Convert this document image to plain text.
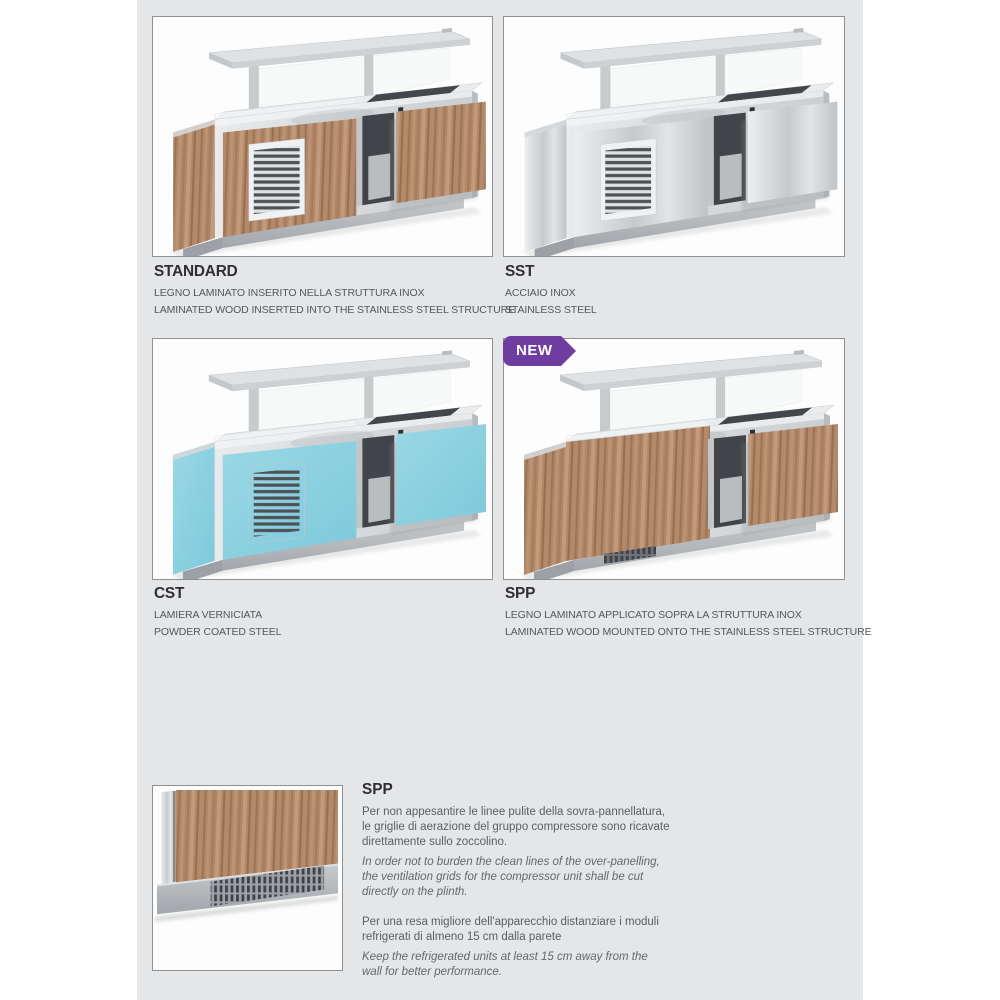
STANDARD
LEGNO LAMINATO INSERITO NELLA STRUTTURA INOX
LAMINATED WOOD INSERTED INTO THE STAINLESS STEEL STRUCTURE
SST
ACCIAIO INOX
STAINLESS STEEL
NEW
CST
LAMIERA VERNICIATA
POWDER COATED STEEL
SPP
LEGNO LAMINATO APPLICATO SOPRA LA STRUTTURA INOX
LAMINATED WOOD MOUNTED ONTO THE STAINLESS STEEL STRUCTURE
SPP

Per non appesantire le linee pulite della sovra-pannellatura, le griglie di aerazione del gruppo compressore sono ricavate direttamente sullo zoccolino.

In order not to burden the clean lines of the over-panelling, the ventilation grids for the compressor unit shall be cut directly on the plinth.

Per una resa migliore dell'apparecchio distanziare i moduli refrigerati di almeno 15 cm dalla parete

Keep the refrigerated units at least 15 cm away from the wall for better performance.
